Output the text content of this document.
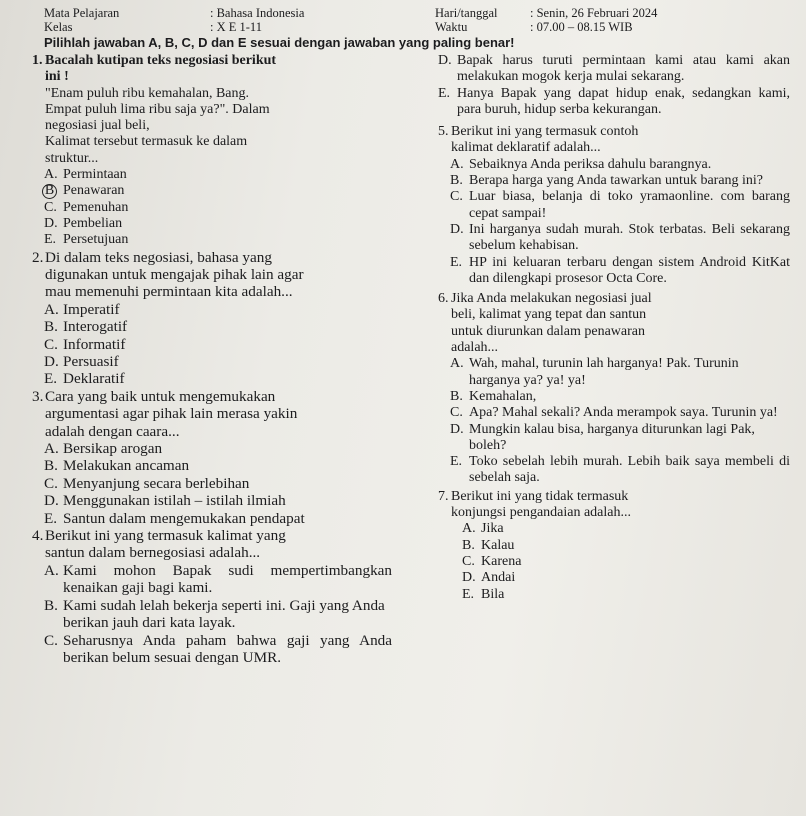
Mata Pelajaran	: Bahasa Indonesia	Hari/tanggal	: Senin, 26 Februari 2024
Kelas	: X E 1-11	Waktu	: 07.00 – 08.15 WIB
Pilihlah jawaban A, B, C, D dan E sesuai dengan jawaban yang paling benar!
1. Bacalah kutipan teks negosiasi berikut
ini !
"Enam puluh ribu kemahalan, Bang.
Empat puluh lima ribu saja ya?". Dalam
negosiasi jual beli,
Kalimat tersebut termasuk ke dalam
struktur...
A. Permintaan
B Penawaran
C. Pemenuhan
D. Pembelian
E. Persetujuan
2. Di dalam teks negosiasi, bahasa yang
digunakan untuk mengajak pihak lain agar
mau memenuhi permintaan kita adalah...
A. Imperatif
B. Interogatif
C. Informatif
D. Persuasif
E. Deklaratif
3. Cara yang baik untuk mengemukakan
argumentasi agar pihak lain merasa yakin
adalah dengan caara...
A. Bersikap arogan
B. Melakukan ancaman
C. Menyanjung secara berlebihan
D. Menggunakan istilah – istilah ilmiah
E. Santun dalam mengemukakan pendapat
4. Berikut ini yang termasuk kalimat yang
santun dalam bernegosiasi adalah...
A. Kami mohon Bapak sudi mempertimbangkan kenaikan gaji bagi kami.
B. Kami sudah lelah bekerja seperti ini. Gaji yang Anda berikan jauh dari kata layak.
C. Seharusnya Anda paham bahwa gaji yang Anda berikan belum sesuai dengan UMR.
D. Bapak harus turuti permintaan kami atau kami akan melakukan mogok kerja mulai sekarang.
E. Hanya Bapak yang dapat hidup enak, sedangkan kami, para buruh, hidup serba kekurangan.
5. Berikut ini yang termasuk contoh
kalimat deklaratif adalah...
A. Sebaiknya Anda periksa dahulu barangnya.
B. Berapa harga yang Anda tawarkan untuk barang ini?
C. Luar biasa, belanja di toko yramaonline. com barang cepat sampai!
D. Ini harganya sudah murah. Stok terbatas. Beli sekarang sebelum kehabisan.
E. HP ini keluaran terbaru dengan sistem Android KitKat dan dilengkapi prosesor Octa Core.
6. Jika Anda melakukan negosiasi jual
beli, kalimat yang tepat dan santun
untuk diurunkan dalam penawaran
adalah...
A. Wah, mahal, turunin lah harganya! Pak. Turunin harganya ya? ya! ya!
B. Kemahalan,
C. Apa? Mahal sekali? Anda merampok saya. Turunin ya!
D. Mungkin kalau bisa, harganya diturunkan lagi Pak, boleh?
E. Toko sebelah lebih murah. Lebih baik saya membeli di sebelah saja.
7. Berikut ini yang tidak termasuk
konjungsi pengandaian adalah...
A. Jika
B. Kalau
C. Karena
D. Andai
E. Bila
